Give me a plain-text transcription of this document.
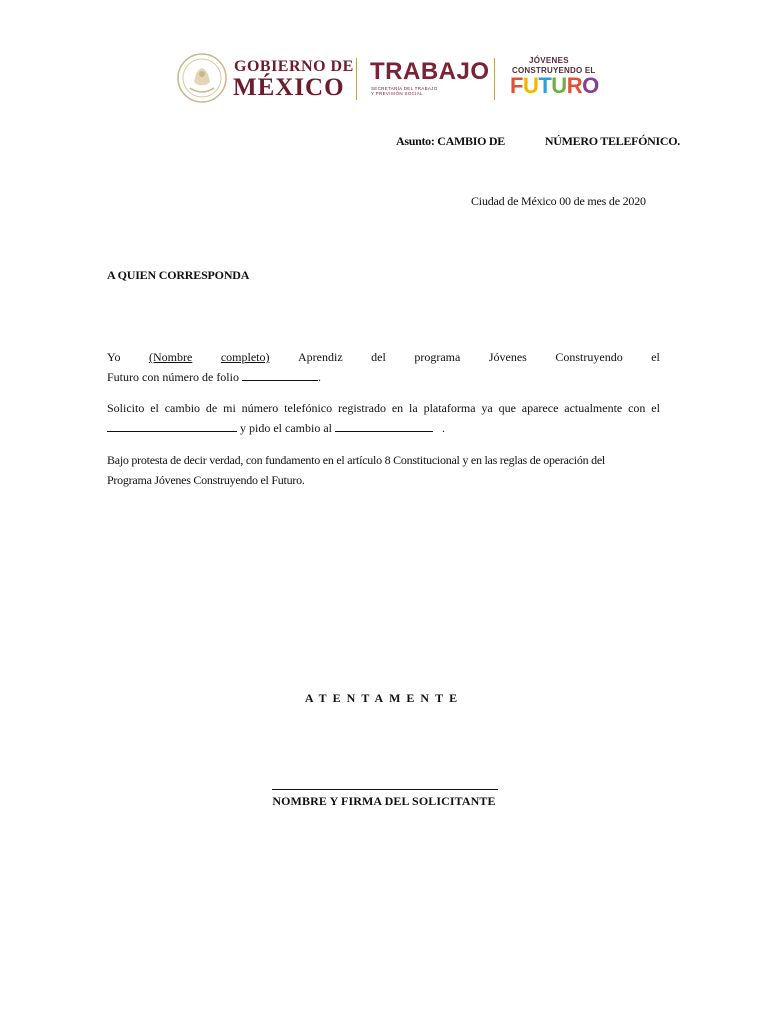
GOBIERNO DE
MÉXICO
TRABAJO
SECRETARÍA DEL TRABAJO
Y PREVISIÓN SOCIAL
JÓVENES
CONSTRUYENDO EL
FUTURO
Asunto: CAMBIO DE	NÚMERO TELEFÓNICO.
Ciudad de México 00 de mes de 2020
A QUIEN CORRESPONDA
Yo (Nombre completo) Aprendiz del programa Jóvenes Construyendo el
Futuro con número de folio	.
Solicito el cambio de mi número telefónico registrado en la plataforma ya que aparece actualmente con el
y pido el cambio al	.
Bajo protesta de decir verdad, con fundamento en el artículo 8 Constitucional y en las reglas de operación del
Programa Jóvenes Construyendo el Futuro.
ATENTAMENTE
NOMBRE Y FIRMA DEL SOLICITANTE
